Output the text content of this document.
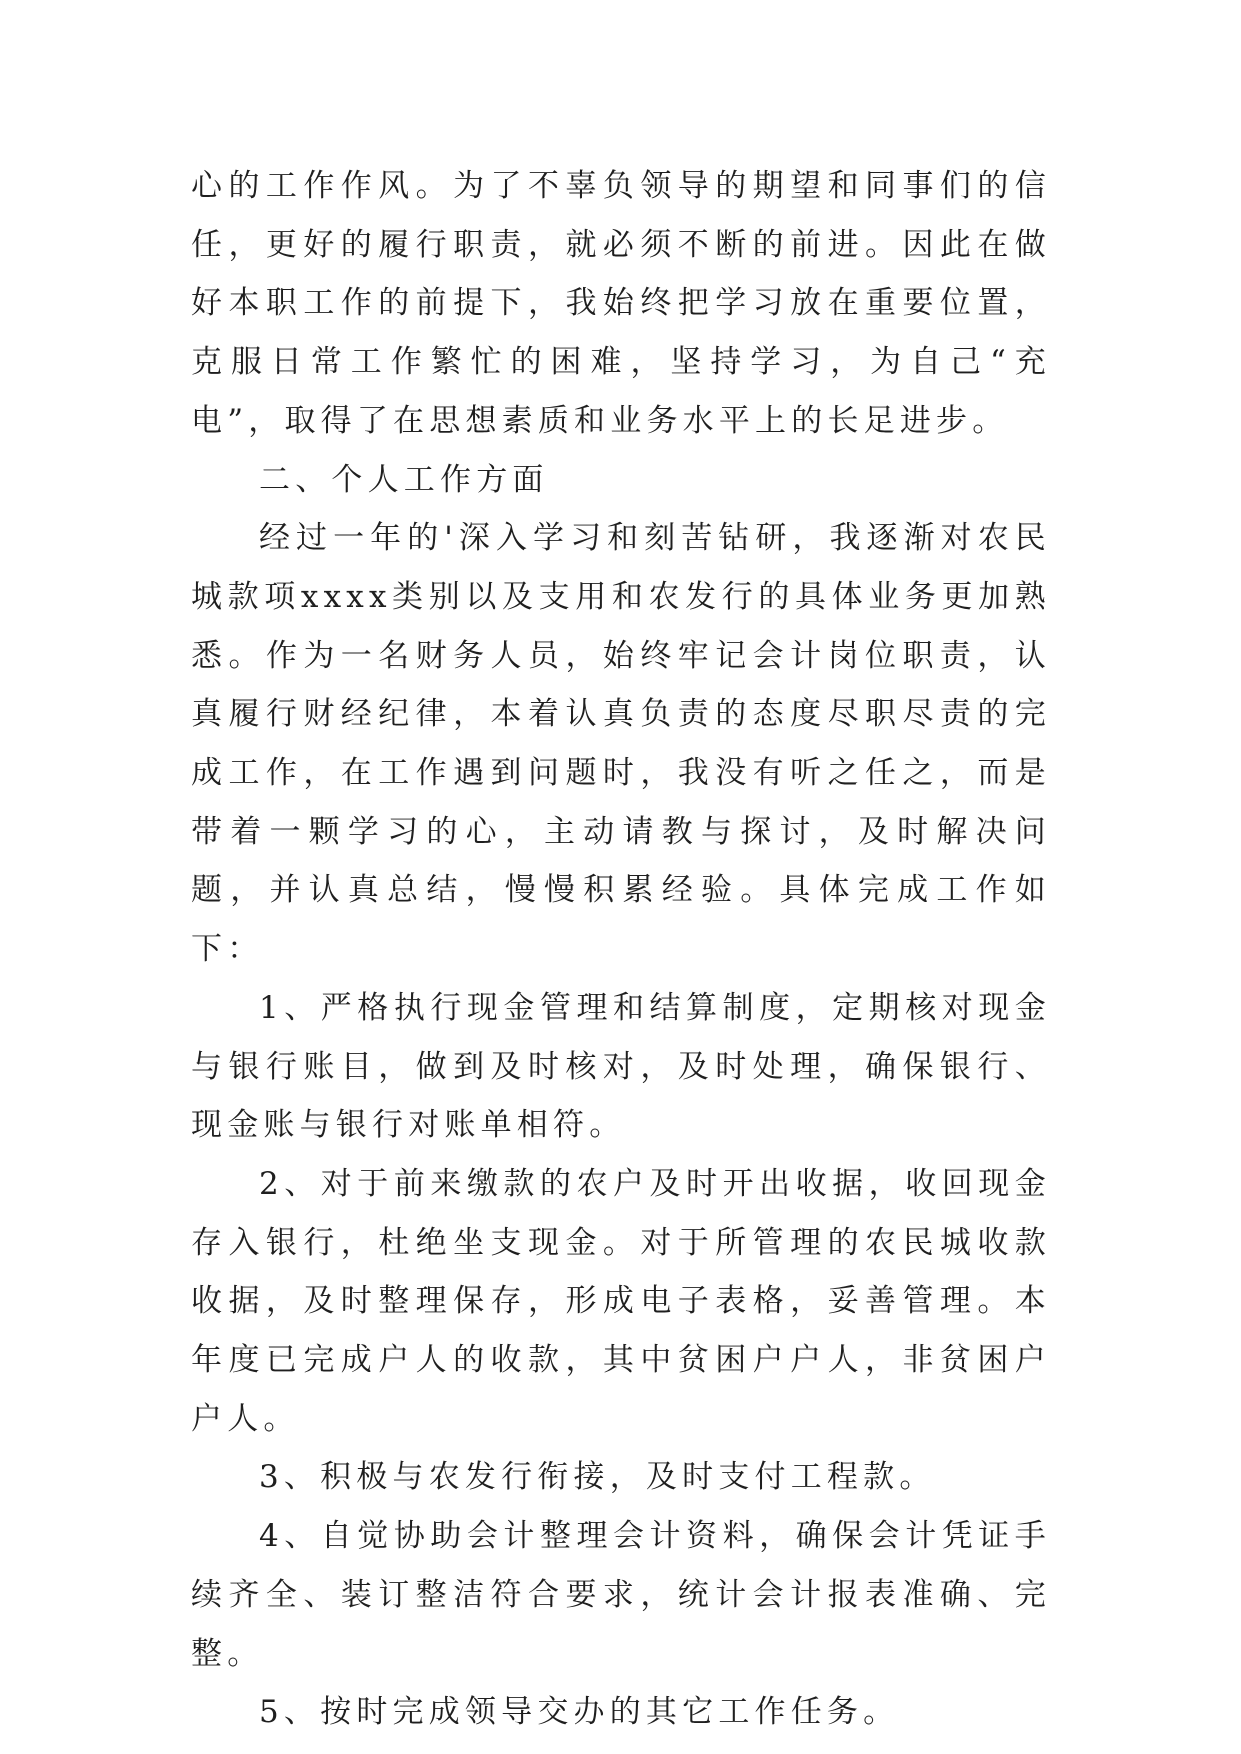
心的工作作风。为了不辜负领导的期望和同事们的信任，更好的履行职责，就必须不断的前进。因此在做好本职工作的前提下，我始终把学习放在重要位置，克服日常工作繁忙的困难，坚持学习，为自己“充电”，取得了在思想素质和业务水平上的长足进步。

二、个人工作方面

经过一年的'深入学习和刻苦钻研，我逐渐对农民城款项xxxx类别以及支用和农发行的具体业务更加熟悉。作为一名财务人员，始终牢记会计岗位职责，认真履行财经纪律，本着认真负责的态度尽职尽责的完成工作，在工作遇到问题时，我没有听之任之，而是带着一颗学习的心，主动请教与探讨，及时解决问题，并认真总结，慢慢积累经验。具体完成工作如下：

1、严格执行现金管理和结算制度，定期核对现金与银行账目，做到及时核对，及时处理，确保银行、现金账与银行对账单相符。

2、对于前来缴款的农户及时开出收据，收回现金存入银行，杜绝坐支现金。对于所管理的农民城收款收据，及时整理保存，形成电子表格，妥善管理。本年度已完成户人的收款，其中贫困户户人，非贫困户户人。

3、积极与农发行衔接，及时支付工程款。

4、自觉协助会计整理会计资料，确保会计凭证手续齐全、装订整洁符合要求，统计会计报表准确、完整。

5、按时完成领导交办的其它工作任务。
